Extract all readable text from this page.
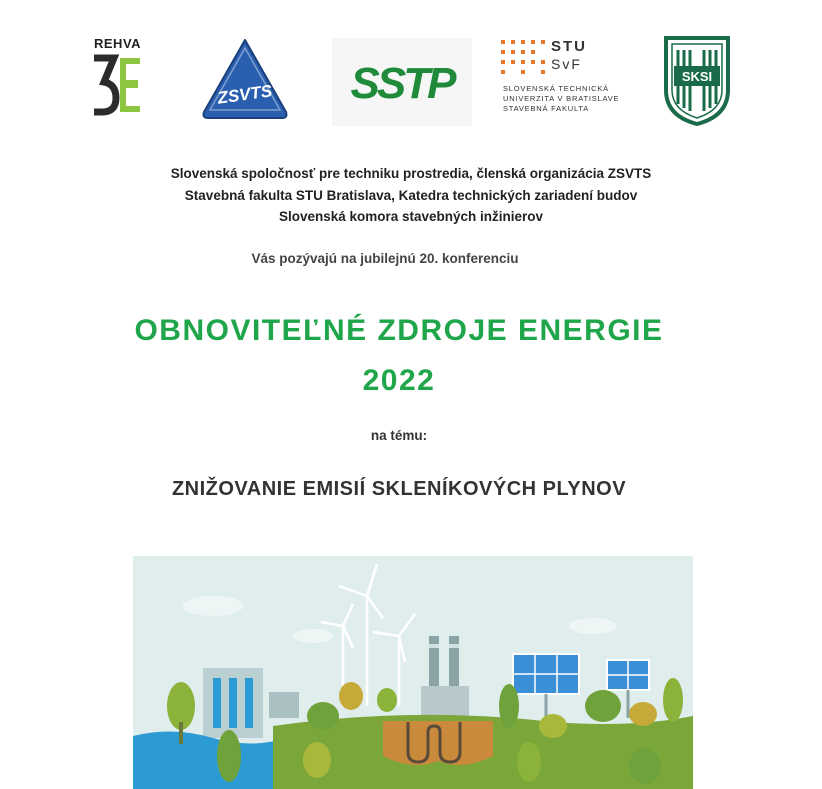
REHVA
ZSVTS SSTP
STU
SvF
SLOVENSKÁ TECHNICKÁ
UNIVERZITA V BRATISLAVE
STAVEBNÁ FAKULTA
SKSI
Slovenská spoločnosť pre techniku prostredia, členská organizácia ZSVTS
Stavebná fakulta STU Bratislava, Katedra technických zariadení budov
Slovenská komora stavebných inžinierov
Vás pozývajú na jubilejnú 20. konferenciu
OBNOVITEĽNÉ ZDROJE ENERGIE
2022
na tému:
ZNIŽOVANIE EMISIÍ SKLENÍKOVÝCH PLYNOV
